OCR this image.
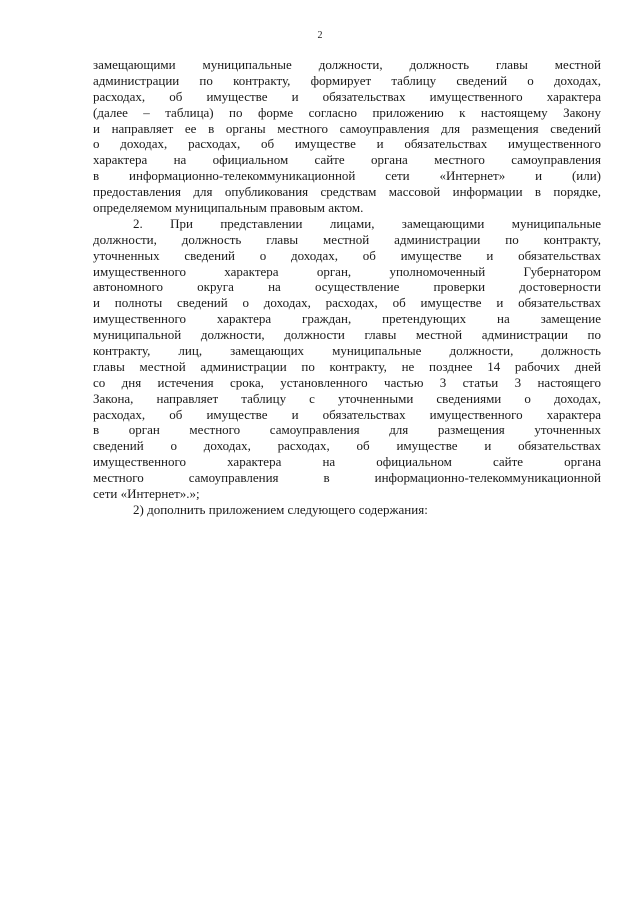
2
замещающими муниципальные должности, должность главы местной
администрации по контракту, формирует таблицу сведений о доходах,
расходах, об имуществе и обязательствах имущественного характера
(далее – таблица) по форме согласно приложению к настоящему Закону
и направляет ее в органы местного самоуправления для размещения сведений
о доходах, расходах, об имуществе и обязательствах имущественного
характера на официальном сайте органа местного самоуправления
в информационно-телекоммуникационной сети «Интернет» и (или)
предоставления для опубликования средствам массовой информации в порядке,
определяемом муниципальным правовым актом.
2. При представлении лицами, замещающими муниципальные
должности, должность главы местной администрации по контракту,
уточненных сведений о доходах, об имуществе и обязательствах
имущественного характера орган, уполномоченный Губернатором
автономного округа на осуществление проверки достоверности
и полноты сведений о доходах, расходах, об имуществе и обязательствах
имущественного характера граждан, претендующих на замещение
муниципальной должности, должности главы местной администрации по
контракту, лиц, замещающих муниципальные должности, должность
главы местной администрации по контракту, не позднее 14 рабочих дней
со дня истечения срока, установленного частью 3 статьи 3 настоящего
Закона, направляет таблицу с уточненными сведениями о доходах,
расходах, об имуществе и обязательствах имущественного характера
в орган местного самоуправления для размещения уточненных
сведений о доходах, расходах, об имуществе и обязательствах
имущественного характера на официальном сайте органа
местного самоуправления в информационно-телекоммуникационной
сети «Интернет».»;
2) дополнить приложением следующего содержания:
